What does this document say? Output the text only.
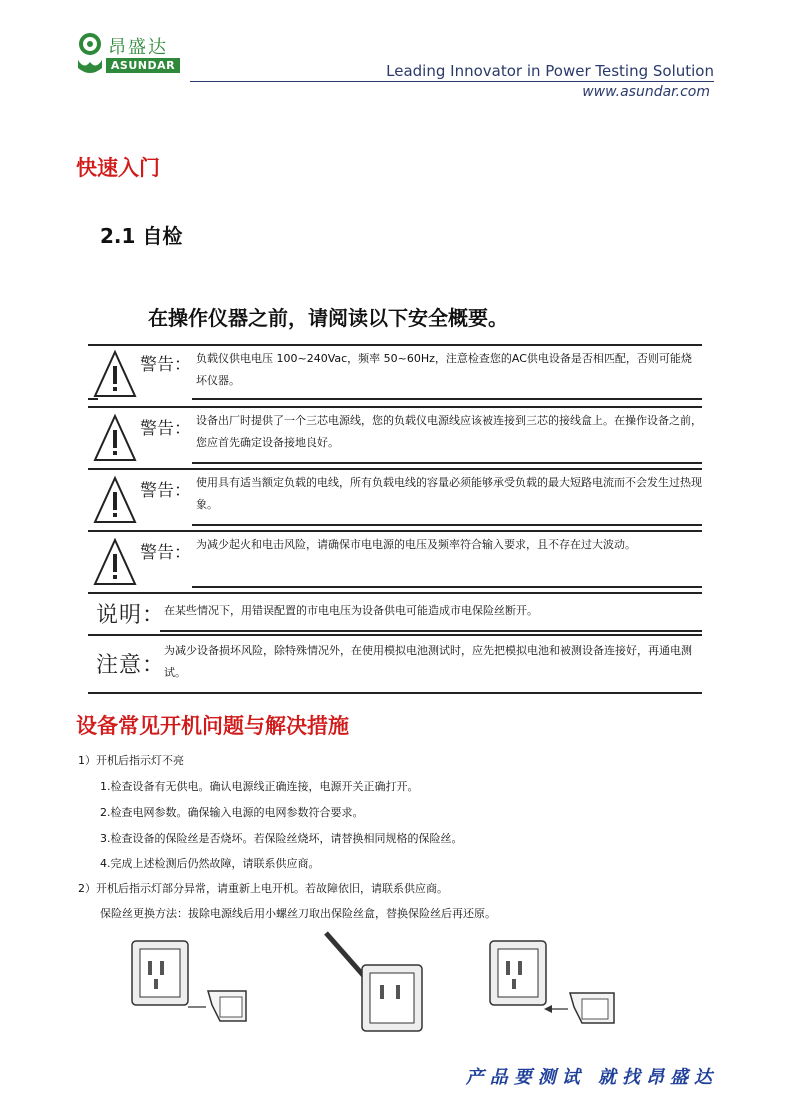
昂盛达
ASUNDAR	Leading Innovator in Power Testing Solution
www.asundar.com
快速入门
2.1 自检
在操作仪器之前，请阅读以下安全概要。
警告： 负载仪供电电压 100~240Vac，频率 50~60Hz，注意检查您的AC供电设备是否相匹配，否则可能烧坏仪器。
警告： 设备出厂时提供了一个三芯电源线，您的负载仪电源线应该被连接到三芯的接线盒上。在操作设备之前，您应首先确定设备接地良好。
警告： 使用具有适当额定负载的电线，所有负载电线的容量必须能够承受负载的最大短路电流而不会发生过热现象。
警告： 为减少起火和电击风险，请确保市电电源的电压及频率符合输入要求，且不存在过大波动。
说明：
在某些情况下，用错误配置的市电电压为设备供电可能造成市电保险丝断开。
注意：
为减少设备损坏风险，除特殊情况外，在使用模拟电池测试时，应先把模拟电池和被测设备连接好，再通电测试。
设备常见开机问题与解决措施
1）开机后指示灯不亮
1.检查设备有无供电。确认电源线正确连接，电源开关正确打开。
2.检查电网参数。确保输入电源的电网参数符合要求。
3.检查设备的保险丝是否烧坏。若保险丝烧坏，请替换相同规格的保险丝。
4.完成上述检测后仍然故障，请联系供应商。
2）开机后指示灯部分异常，请重新上电开机。若故障依旧，请联系供应商。
保险丝更换方法：拔除电源线后用小螺丝刀取出保险丝盒，替换保险丝后再还原。
产品要测试 就找昂盛达
